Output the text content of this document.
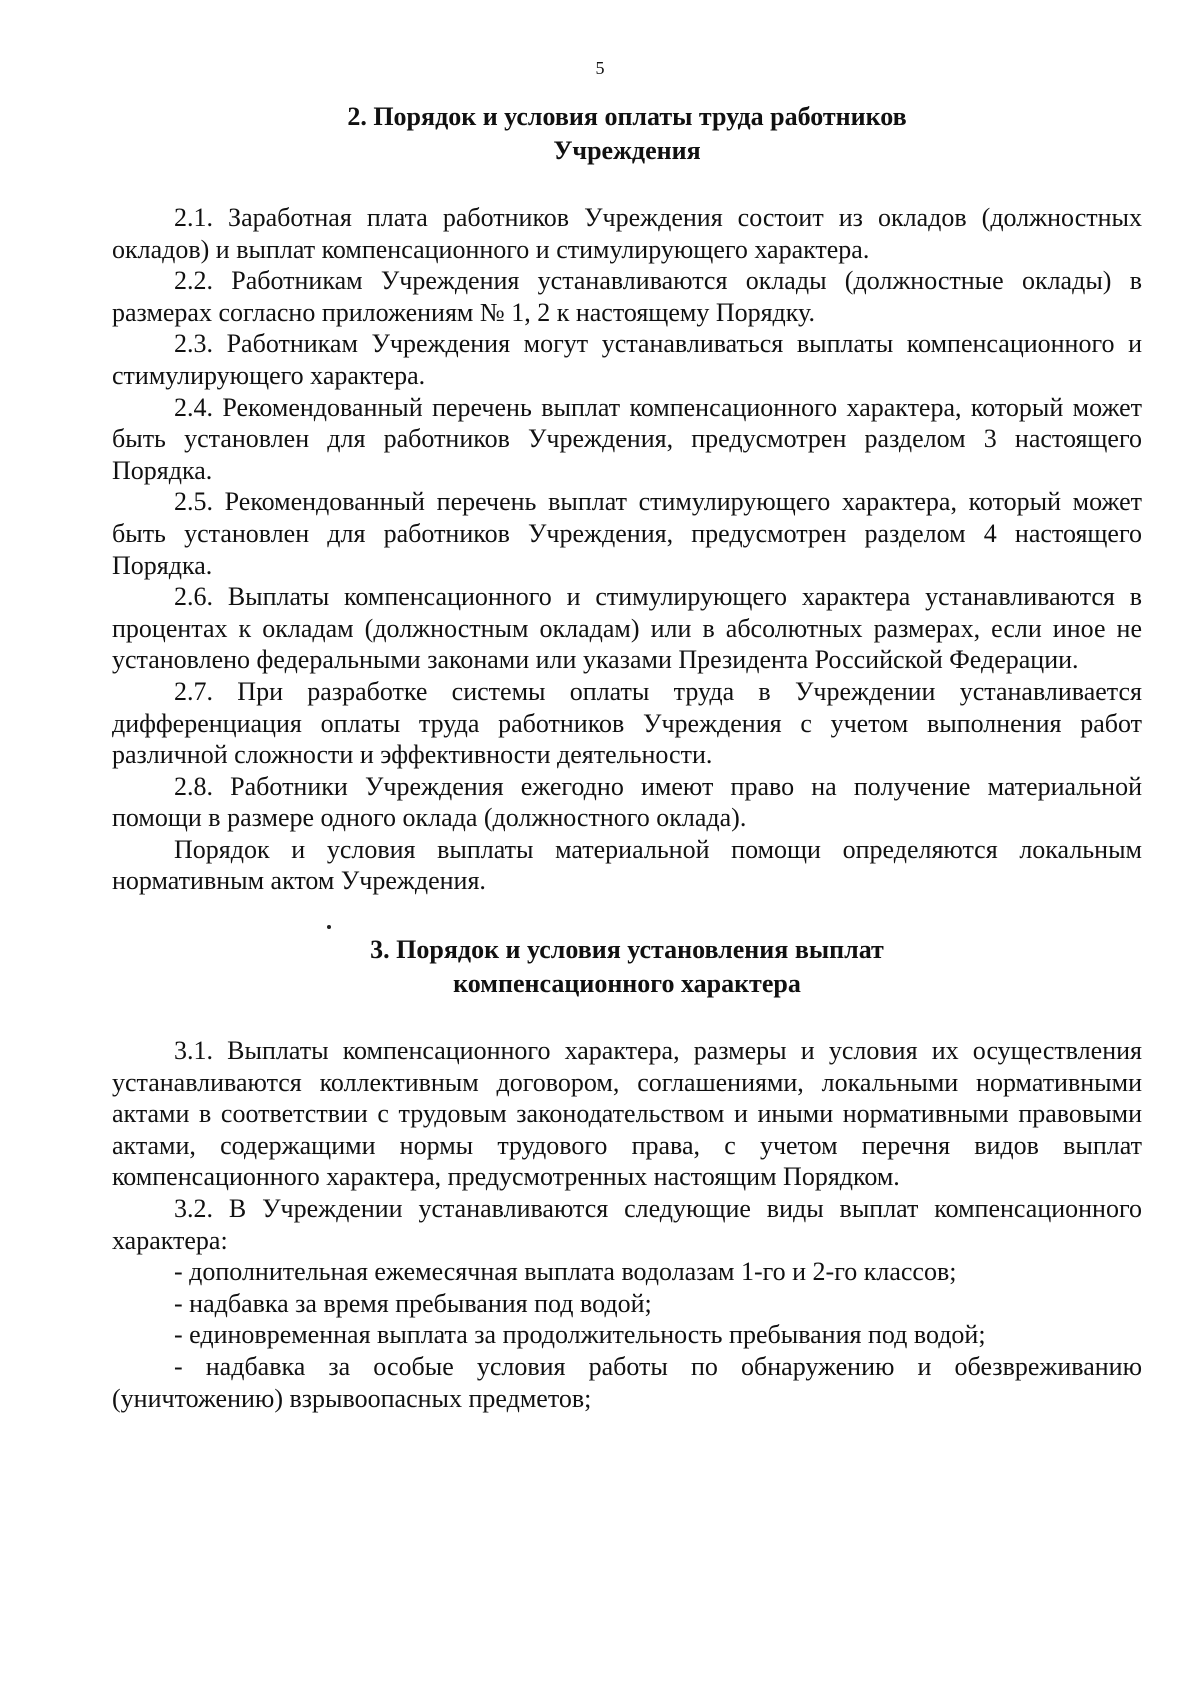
5
2. Порядок и условия оплаты труда работников
Учреждения

2.1. Заработная плата работников Учреждения состоит из окладов (должностных окладов) и выплат компенсационного и стимулирующего характера.

2.2. Работникам Учреждения устанавливаются оклады (должностные оклады) в размерах согласно приложениям № 1, 2 к настоящему Порядку.

2.3. Работникам Учреждения могут устанавливаться выплаты компенсационного и стимулирующего характера.

2.4. Рекомендованный перечень выплат компенсационного характера, который может быть установлен для работников Учреждения, предусмотрен разделом 3 настоящего Порядка.

2.5. Рекомендованный перечень выплат стимулирующего характера, который может быть установлен для работников Учреждения, предусмотрен разделом 4 настоящего Порядка.

2.6. Выплаты компенсационного и стимулирующего характера устанавливаются в процентах к окладам (должностным окладам) или в абсолютных размерах, если иное не установлено федеральными законами или указами Президента Российской Федерации.

2.7. При разработке системы оплаты труда в Учреждении устанавливается дифференциация оплаты труда работников Учреждения с учетом выполнения работ различной сложности и эффективности деятельности.

2.8. Работники Учреждения ежегодно имеют право на получение материальной помощи в размере одного оклада (должностного оклада).

Порядок и условия выплаты материальной помощи определяются локальным нормативным актом Учреждения.

3. Порядок и условия установления выплат
компенсационного характера

3.1. Выплаты компенсационного характера, размеры и условия их осуществления устанавливаются коллективным договором, соглашениями, локальными нормативными актами в соответствии с трудовым законодательством и иными нормативными правовыми актами, содержащими нормы трудового права, с учетом перечня видов выплат компенсационного характера, предусмотренных настоящим Порядком.

3.2. В Учреждении устанавливаются следующие виды выплат компенсационного характера:

- дополнительная ежемесячная выплата водолазам 1-го и 2-го классов;

- надбавка за время пребывания под водой;

- единовременная выплата за продолжительность пребывания под водой;

- надбавка за особые условия работы по обнаружению и обезвреживанию (уничтожению) взрывоопасных предметов;
